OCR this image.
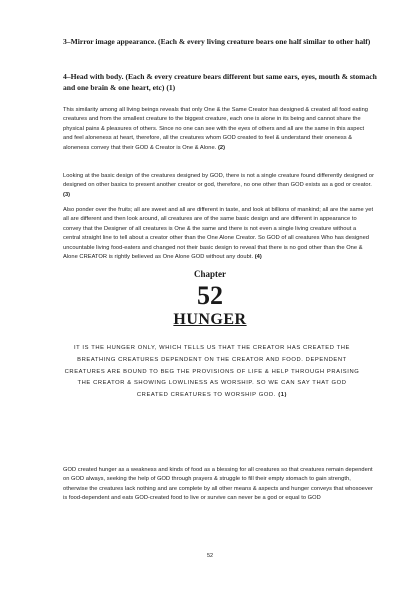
3–Mirror image appearance. (Each & every living creature bears one half similar to other half)
4–Head with body. (Each & every creature bears different but same ears, eyes, mouth & stomach and one brain & one heart, etc) (1)

This similarity among all living beings reveals that only One & the Same Creator has designed & created all food eating creatures and from the smallest creature to the biggest creature, each one is alone in its being and cannot share the physical pains & pleasures of others. Since no one can see with the eyes of others and all are the same in this aspect and feel aloneness at heart, therefore, all the creatures whom GOD created to feel & understand their oneness & aloneness convey that their GOD & Creator is One & Alone. (2)

Looking at the basic design of the creatures designed by GOD, there is not a single creature found differently designed or designed on other basics to present another creator or god, therefore, no one other than GOD exists as a god or creator. (3)

Also ponder over the fruits; all are sweet and all are different in taste, and look at billions of mankind; all are the same yet all are different and then look around, all creatures are of the same basic design and are different in appearance to convey that the Designer of all creatures is One & the same and there is not even a single living creature without a central straight line to tell about a creator other than the One Alone Creator. So GOD of all creatures Who has designed uncountable living food-eaters and changed not their basic design to reveal that there is no god other than the One & Alone CREATOR is rightly believed as One Alone GOD without any doubt. (4)

Chapter
52
HUNGER

IT IS THE HUNGER ONLY, WHICH TELLS US THAT THE CREATOR HAS CREATED THE BREATHING CREATURES DEPENDENT ON THE CREATOR AND FOOD. DEPENDENT CREATURES ARE BOUND TO BEG THE PROVISIONS OF LIFE & HELP THROUGH PRAISING THE CREATOR & SHOWING LOWLINESS AS WORSHIP. SO WE CAN SAY THAT GOD CREATED CREATURES TO WORSHIP GOD. (1)

GOD created hunger as a weakness and kinds of food as a blessing for all creatures so that creatures remain dependent on GOD always, seeking the help of GOD through prayers & struggle to fill their empty stomach to gain strength, otherwise the creatures lack nothing and are complete by all other means & aspects and hunger conveys that whosoever is food-dependent and eats GOD-created food to live or survive can never be a god or equal to GOD

52
